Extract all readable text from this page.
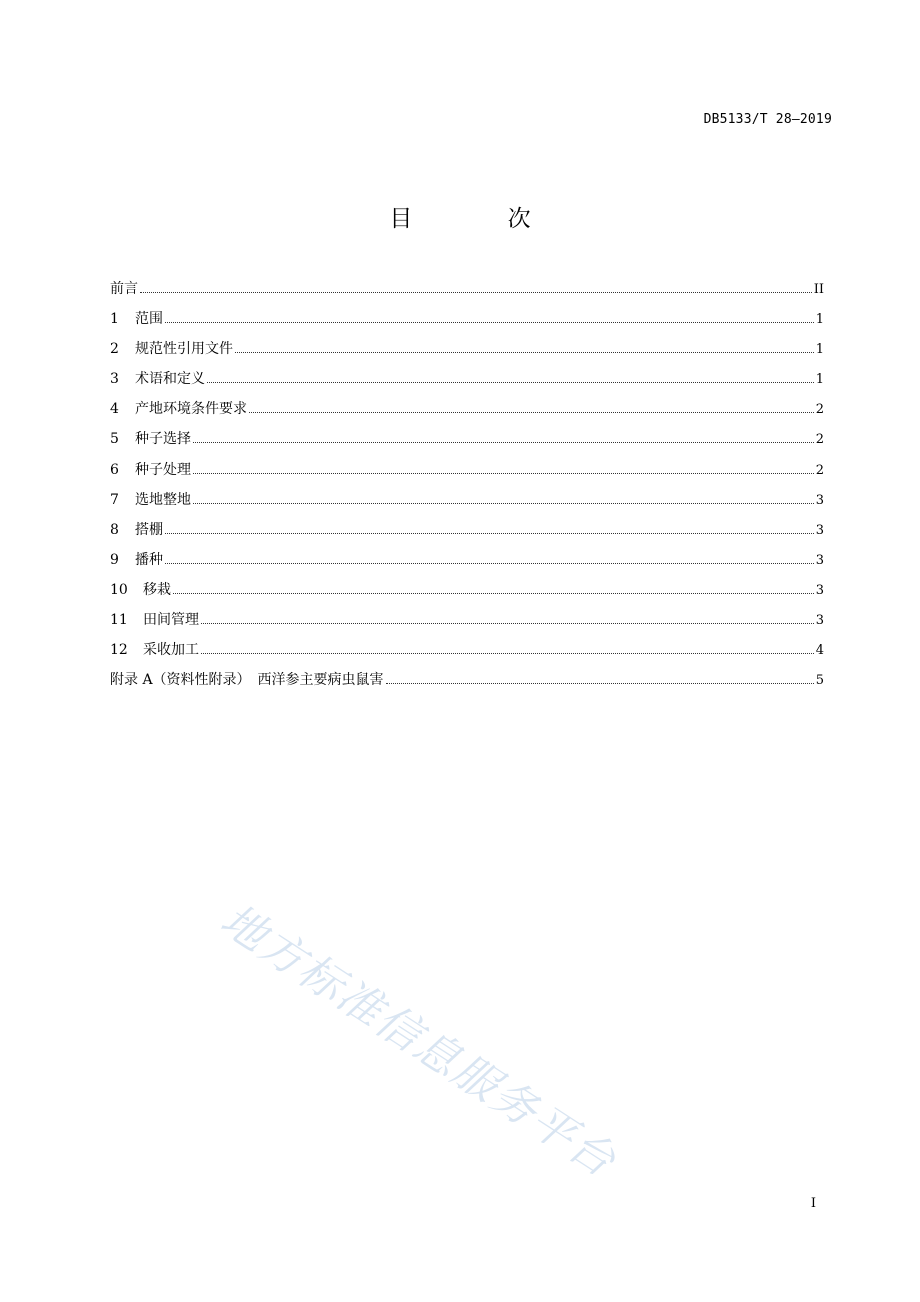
DB5133/T 28—2019
目 次
前言	II
1	范围	1
2	规范性引用文件	1
3	术语和定义	1
4	产地环境条件要求	2
5	种子选择	2
6	种子处理	2
7	选地整地	3
8	搭棚	3
9	播种	3
10	移栽	3
11	田间管理	3
12	采收加工	4
附录 A（资料性附录）　西洋参主要病虫鼠害	5
I
地方标准信息服务平台
